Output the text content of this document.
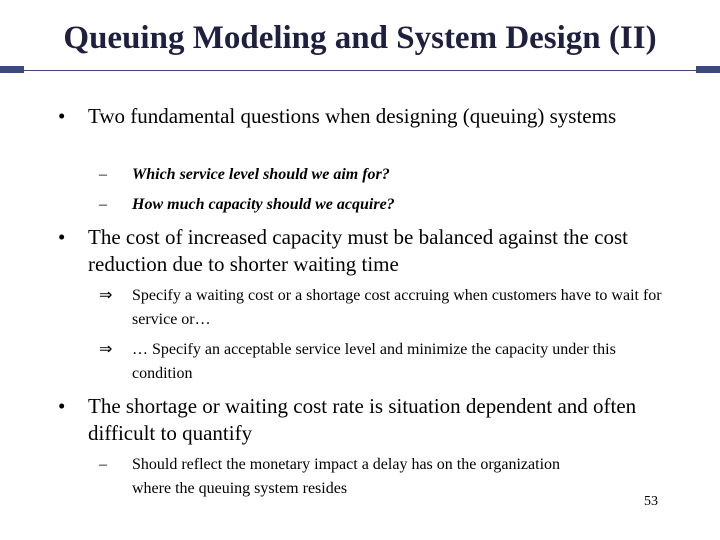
Queuing Modeling and System Design (II)
• Two fundamental questions when designing (queuing) systems
– Which service level should we aim for?
– How much capacity should we acquire?
• The cost of increased capacity must be balanced against the cost reduction due to shorter waiting time
⇒ Specify a waiting cost or a shortage cost accruing when customers have to wait for service or…
⇒ … Specify an acceptable service level and minimize the capacity under this condition
• The shortage or waiting cost rate is situation dependent and often difficult to quantify
– Should reflect the monetary impact a delay has on the organization where the queuing system resides
53
